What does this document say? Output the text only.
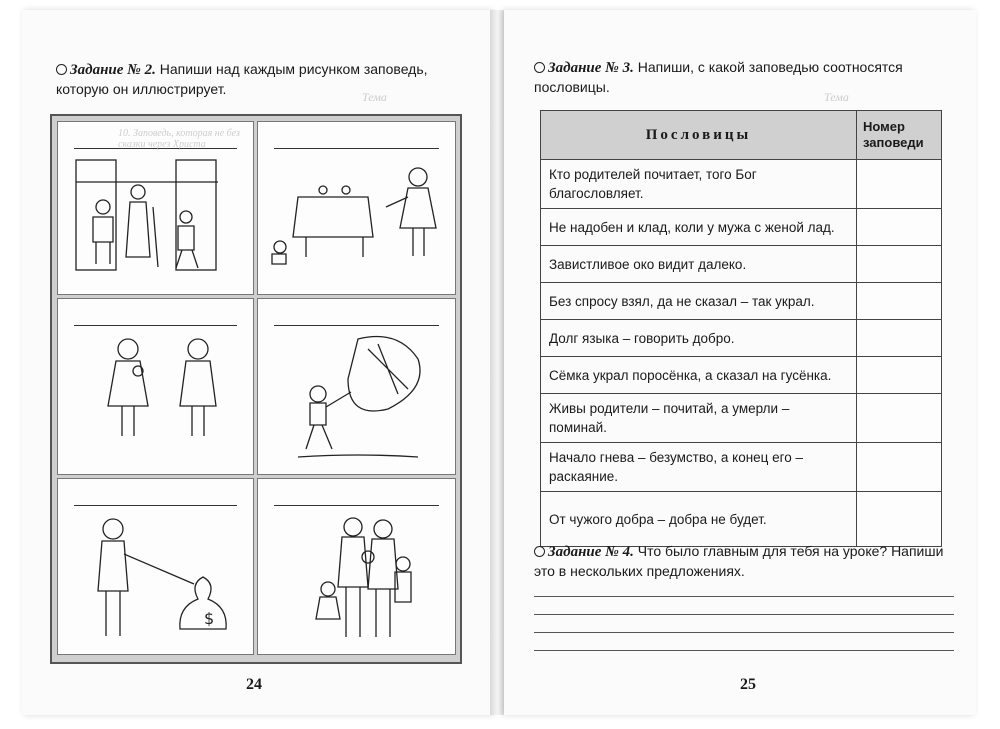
Тема
Задание № 2. Напиши над каждым рисунком заповедь, которую он иллюстрирует.
10. Заповедь, которая не без сказки через Христа
$
24
Тема
Задание № 3. Напиши, с какой заповедью соотносятся пословицы.
Пословицы	Номер заповеди
Кто родителей почитает, того Бог благословляет.	
Не надобен и клад, коли у мужа с женой лад.	
Завистливое око видит далеко.	
Без спросу взял, да не сказал – так украл.	
Долг языка – говорить добро.	
Сёмка украл поросёнка, а сказал на гусёнка.	
Живы родители – почитай, а умерли – поминай.	
Начало гнева – безумство, а конец его – раскаяние.	
От чужого добра – добра не будет.	
Задание № 4. Что было главным для тебя на уроке? Напиши это в нескольких предложениях.
25
